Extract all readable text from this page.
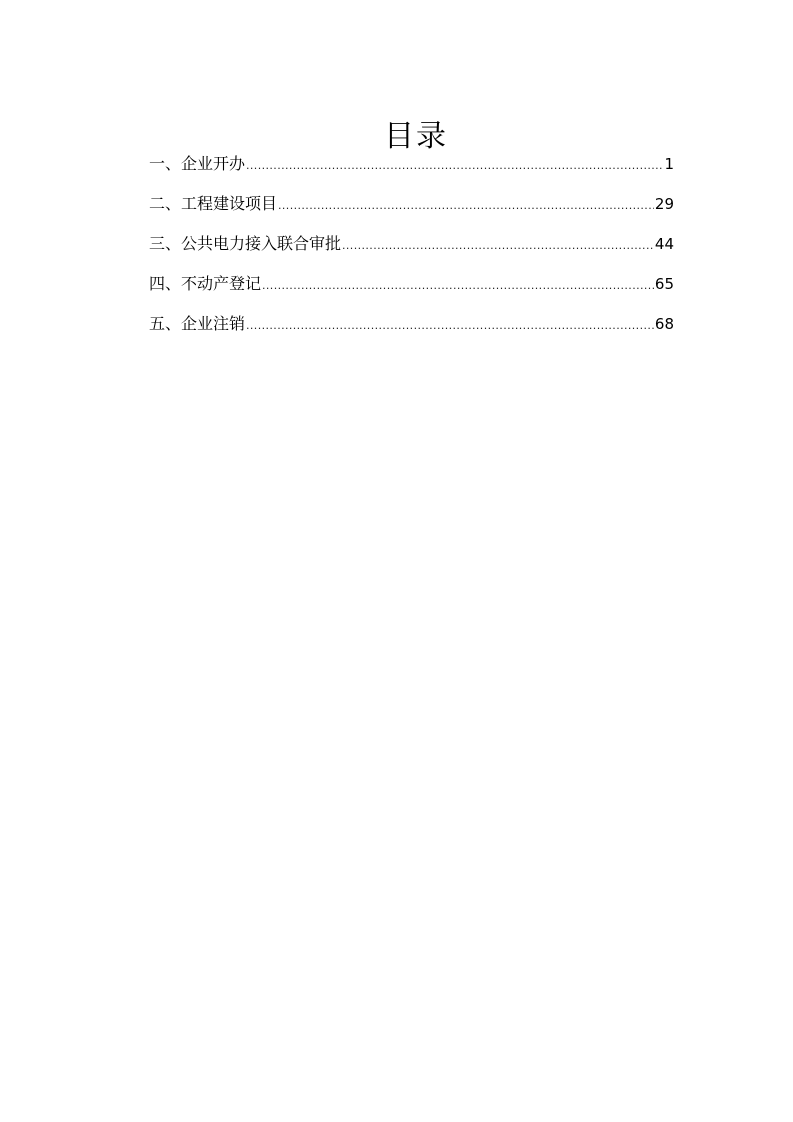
目录
一、企业开办 .....	1
二、工程建设项目 .....	29
三、公共电力接入联合审批 .....	44
四、不动产登记 .....	65
五、企业注销 .....	68
